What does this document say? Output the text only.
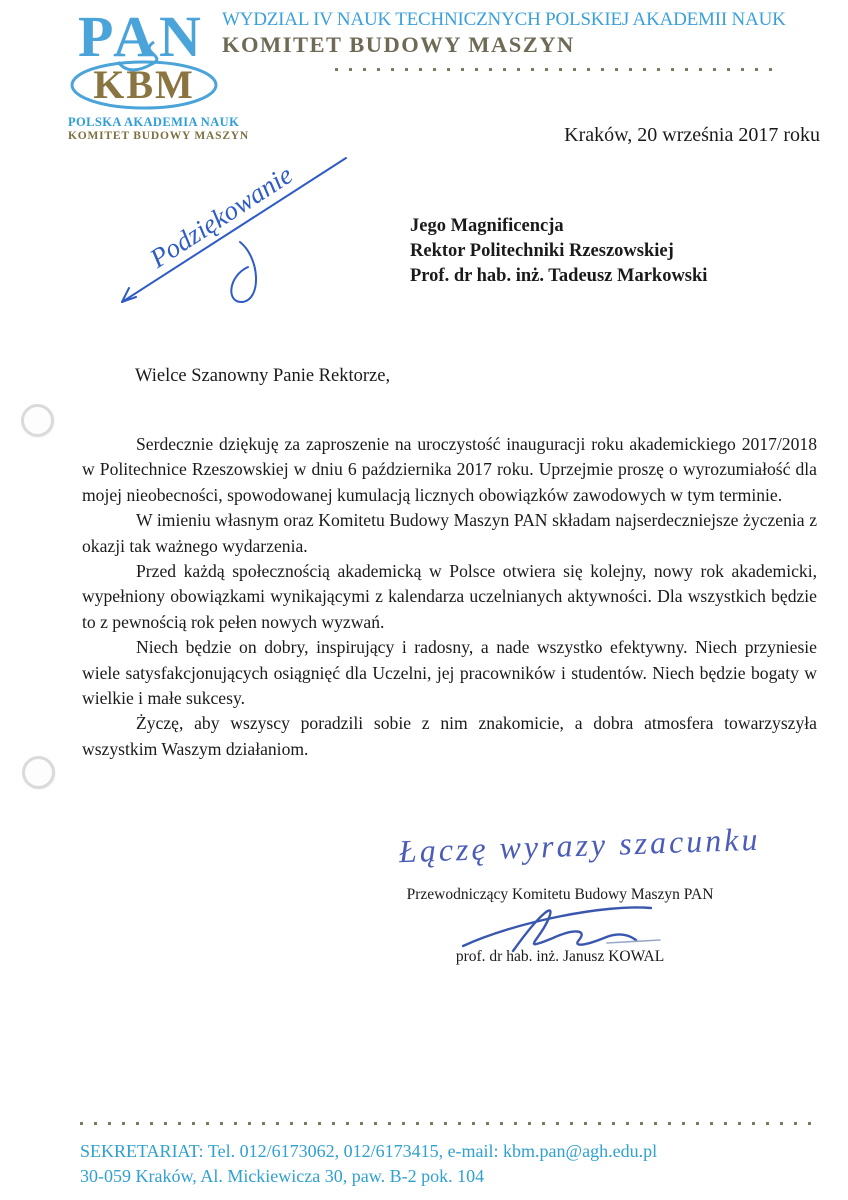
PAN
KBM
POLSKA AKADEMIA NAUK
KOMITET BUDOWY MASZYN
WYDZIAL IV NAUK TECHNICZNYCH POLSKIEJ AKADEMII NAUK
KOMITET BUDOWY MASZYN
Kraków, 20 września 2017 roku
Podziękowanie	Jego Magnificencja
Rektor Politechniki Rzeszowskiej
Prof. dr hab. inż. Tadeusz Markowski
Wielce Szanowny Panie Rektorze,

Serdecznie dziękuję za zaproszenie na uroczystość inauguracji roku akademickiego 2017/2018 w Politechnice Rzeszowskiej w dniu 6 października 2017 roku. Uprzejmie proszę o wyrozumiałość dla mojej nieobecności, spowodowanej kumulacją licznych obowiązków zawodowych w tym terminie.

W imieniu własnym oraz Komitetu Budowy Maszyn PAN składam najserdeczniejsze życzenia z okazji tak ważnego wydarzenia.

Przed każdą społecznością akademicką w Polsce otwiera się kolejny, nowy rok akademicki, wypełniony obowiązkami wynikającymi z kalendarza uczelnianych aktywności. Dla wszystkich będzie to z pewnością rok pełen nowych wyzwań.

Niech będzie on dobry, inspirujący i radosny, a nade wszystko efektywny. Niech przyniesie wiele satysfakcjonujących osiągnięć dla Uczelni, jej pracowników i studentów. Niech będzie bogaty w wielkie i małe sukcesy.

Życzę, aby wszyscy poradzili sobie z nim znakomicie, a dobra atmosfera towarzyszyła wszystkim Waszym działaniom.

Łączę wyrazy szacunku
Przewodniczący Komitetu Budowy Maszyn PAN
prof. dr hab. inż. Janusz KOWAL
SEKRETARIAT: Tel. 012/6173062, 012/6173415, e-mail: kbm.pan@agh.edu.pl
30-059 Kraków, Al. Mickiewicza 30, paw. B-2 pok. 104
